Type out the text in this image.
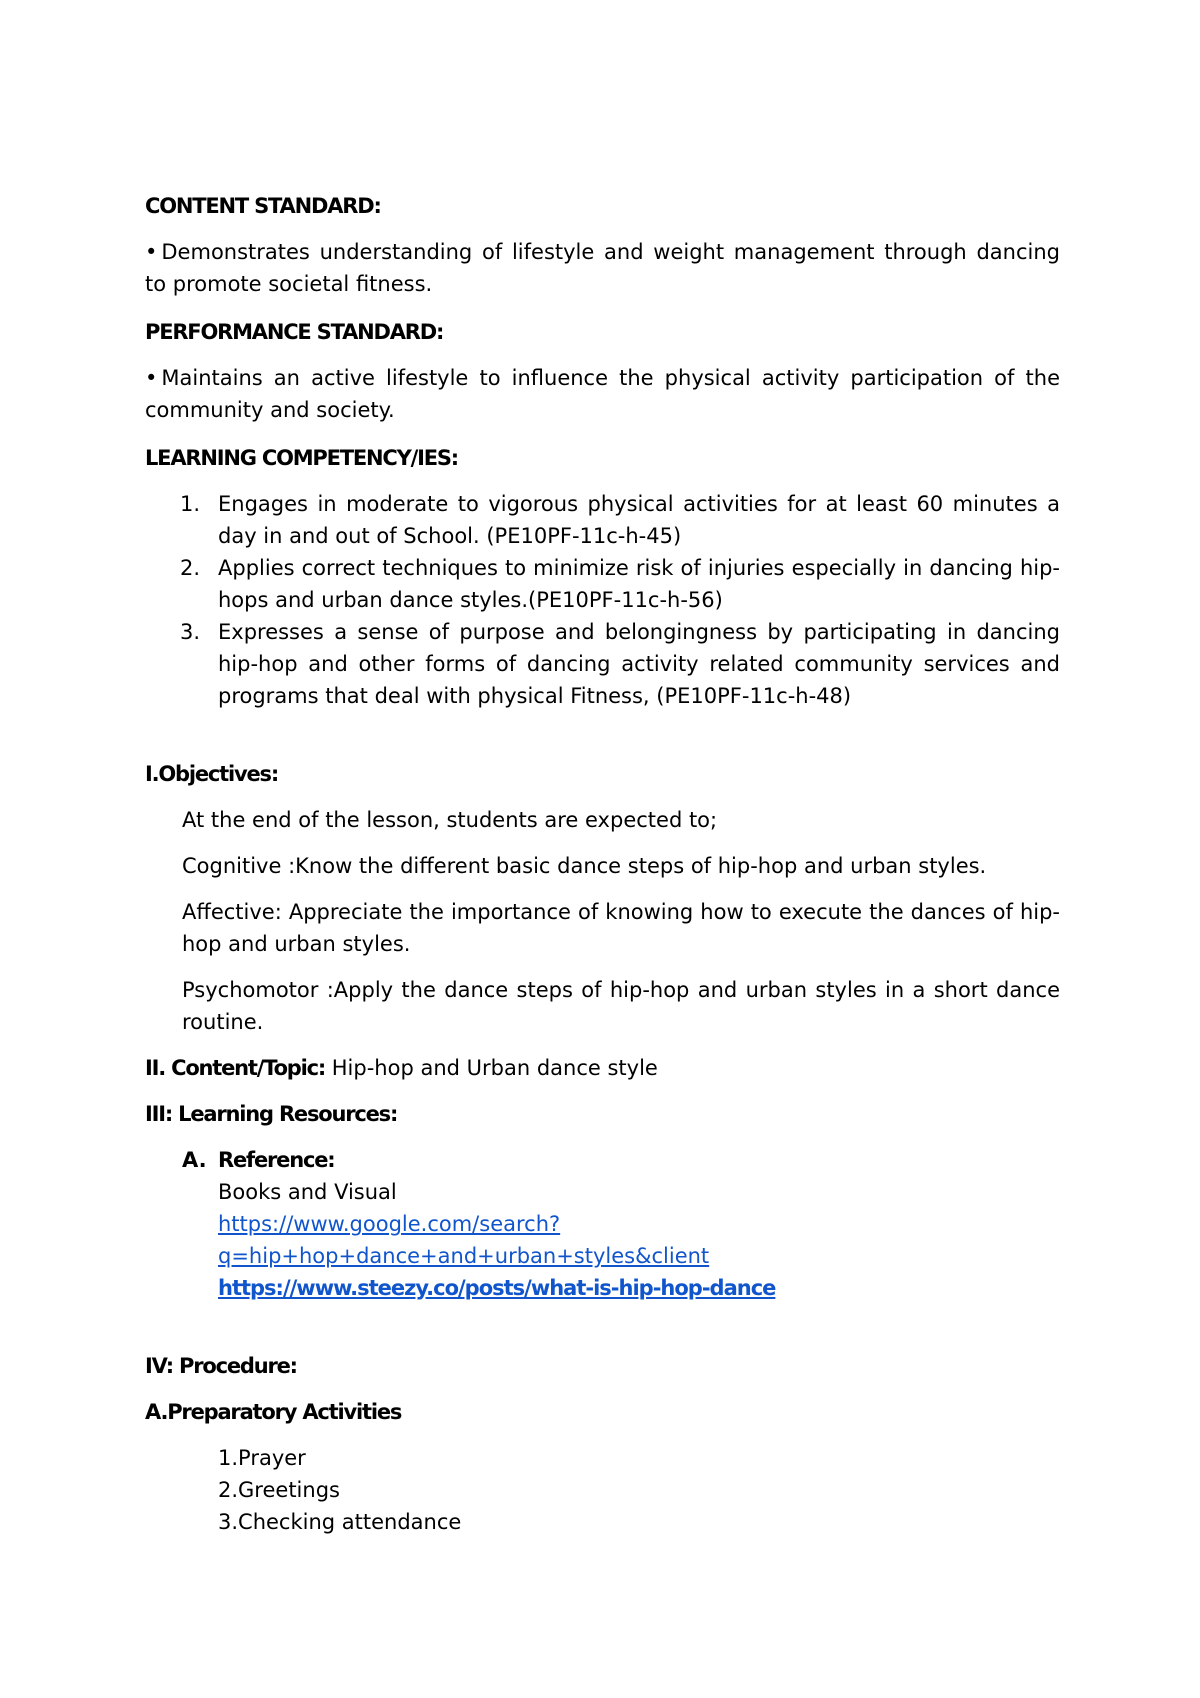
CONTENT STANDARD:

• Demonstrates understanding of lifestyle and weight management through dancing to promote societal fitness.

PERFORMANCE STANDARD:

• Maintains an active lifestyle to influence the physical activity participation of the community and society.

LEARNING COMPETENCY/IES:

1. Engages in moderate to vigorous physical activities for at least 60 minutes a day in and out of School. (PE10PF-11c-h-45)
2. Applies correct techniques to minimize risk of injuries especially in dancing hip-hops and urban dance styles.(PE10PF-11c-h-56)
3. Expresses a sense of purpose and belongingness by participating in dancing hip-hop and other forms of dancing activity related community services and programs that deal with physical Fitness, (PE10PF-11c-h-48)

I.Objectives:

At the end of the lesson, students are expected to;

Cognitive :Know the different basic dance steps of hip-hop and urban styles.

Affective: Appreciate the importance of knowing how to execute the dances of hip-hop and urban styles.

Psychomotor :Apply the dance steps of hip-hop and urban styles in a short dance routine.

II. Content/Topic: Hip-hop and Urban dance style

III: Learning Resources:

A. Reference:
Books and Visual
https://www.google.com/search?
q=hip+hop+dance+and+urban+styles&client
https://www.steezy.co/posts/what-is-hip-hop-dance

IV: Procedure:

A.Preparatory Activities

1.Prayer
2.Greetings
3.Checking attendance
